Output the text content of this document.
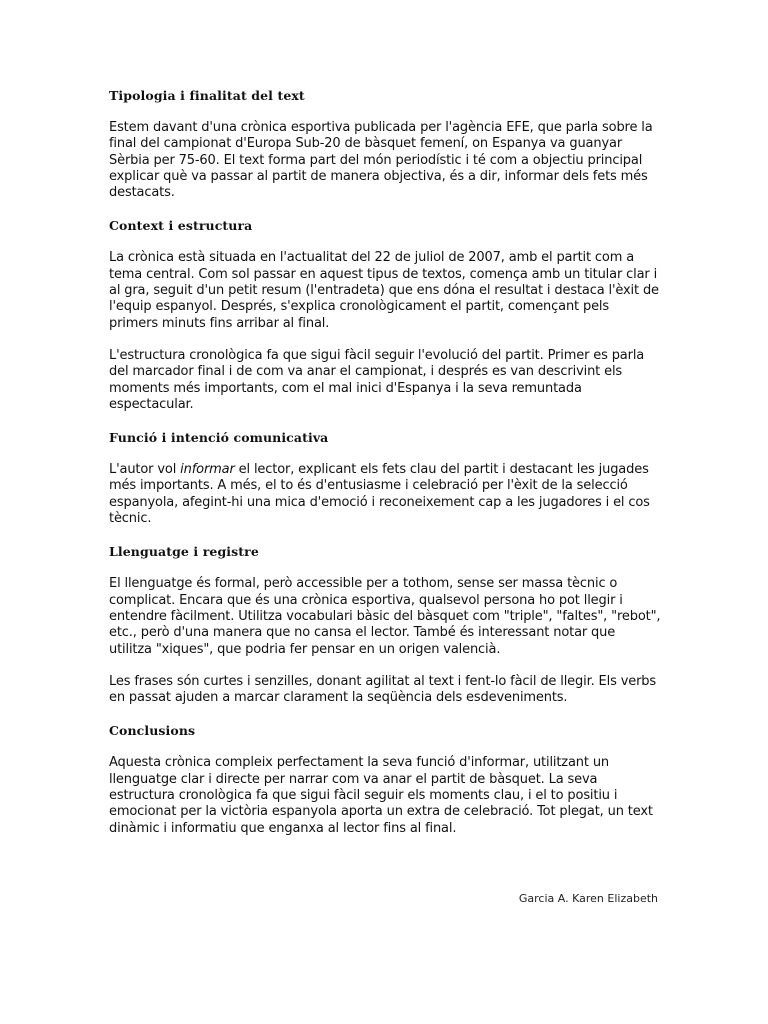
Tipologia i finalitat del text
Estem davant d'una crònica esportiva publicada per l'agència EFE, que parla sobre la final del campionat d'Europa Sub-20 de bàsquet femení, on Espanya va guanyar Sèrbia per 75-60. El text forma part del món periodístic i té com a objectiu principal explicar què va passar al partit de manera objectiva, és a dir, informar dels fets més destacats.
Context i estructura
La crònica està situada en l'actualitat del 22 de juliol de 2007, amb el partit com a tema central. Com sol passar en aquest tipus de textos, comença amb un titular clar i al gra, seguit d'un petit resum (l'entradeta) que ens dóna el resultat i destaca l'èxit de l'equip espanyol. Després, s'explica cronològicament el partit, començant pels primers minuts fins arribar al final.
L'estructura cronològica fa que sigui fàcil seguir l'evolució del partit. Primer es parla del marcador final i de com va anar el campionat, i després es van descrivint els moments més importants, com el mal inici d'Espanya i la seva remuntada espectacular.
Funció i intenció comunicativa
L'autor vol informar el lector, explicant els fets clau del partit i destacant les jugades més importants. A més, el to és d'entusiasme i celebració per l'èxit de la selecció espanyola, afegint-hi una mica d'emoció i reconeixement cap a les jugadores i el cos tècnic.
Llenguatge i registre
El llenguatge és formal, però accessible per a tothom, sense ser massa tècnic o complicat. Encara que és una crònica esportiva, qualsevol persona ho pot llegir i entendre fàcilment. Utilitza vocabulari bàsic del bàsquet com "triple", "faltes", "rebot", etc., però d'una manera que no cansa el lector. També és interessant notar que utilitza "xiques", que podria fer pensar en un origen valencià.
Les frases són curtes i senzilles, donant agilitat al text i fent-lo fàcil de llegir. Els verbs en passat ajuden a marcar clarament la seqüència dels esdeveniments.
Conclusions
Aquesta crònica compleix perfectament la seva funció d'informar, utilitzant un llenguatge clar i directe per narrar com va anar el partit de bàsquet. La seva estructura cronològica fa que sigui fàcil seguir els moments clau, i el to positiu i emocionat per la victòria espanyola aporta un extra de celebració. Tot plegat, un text dinàmic i informatiu que enganxa al lector fins al final.
Garcia A. Karen Elizabeth
